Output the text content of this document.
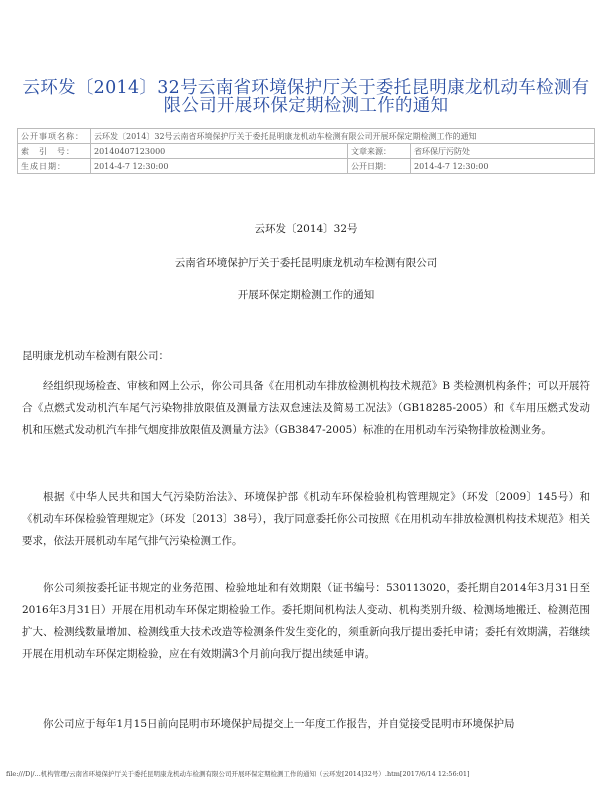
云环发〔2014〕32号云南省环境保护厅关于委托昆明康龙机动车检测有
限公司开展环保定期检测工作的通知
公开事项名称：	云环发〔2014〕32号云南省环境保护厅关于委托昆明康龙机动车检测有限公司开展环保定期检测工作的通知		
索　引　号：	20140407123000	文章来源：	省环保厅污防处
生成日期：	2014-4-7 12:30:00	公开日期：	2014-4-7 12:30:00
云环发〔2014〕32号
云南省环境保护厅关于委托昆明康龙机动车检测有限公司
开展环保定期检测工作的通知
昆明康龙机动车检测有限公司：
经组织现场检查、审核和网上公示，你公司具备《在用机动车排放检测机构技术规范》B 类检测机构条件；可以开展符合《点燃式发动机汽车尾气污染物排放限值及测量方法双怠速法及简易工况法》（GB18285-2005）和《车用压燃式发动机和压燃式发动机汽车排气烟度排放限值及测量方法》（GB3847-2005）标准的在用机动车污染物排放检测业务。
根据《中华人民共和国大气污染防治法》、环境保护部《机动车环保检验机构管理规定》（环发〔2009〕145号）和《机动车环保检验管理规定》（环发〔2013〕38号），我厅同意委托你公司按照《在用机动车排放检测机构技术规范》相关要求，依法开展机动车尾气排气污染检测工作。
你公司须按委托证书规定的业务范围、检验地址和有效期限（证书编号：530113020，委托期自2014年3月31日至2016年3月31日）开展在用机动车环保定期检验工作。委托期间机构法人变动、机构类别升级、检测场地搬迁、检测范围扩大、检测线数量增加、检测线重大技术改造等检测条件发生变化的，须重新向我厅提出委托申请；委托有效期满，若继续开展在用机动车环保定期检验，应在有效期满3个月前向我厅提出续延申请。
你公司应于每年1月15日前向昆明市环境保护局提交上一年度工作报告，并自觉接受昆明市环境保护局
file:///D|/...机构管理/云南省环境保护厅关于委托昆明康龙机动车检测有限公司开展环保定期检测工作的通知（云环发[2014]32号）.htm[2017/6/14 12:56:01]
